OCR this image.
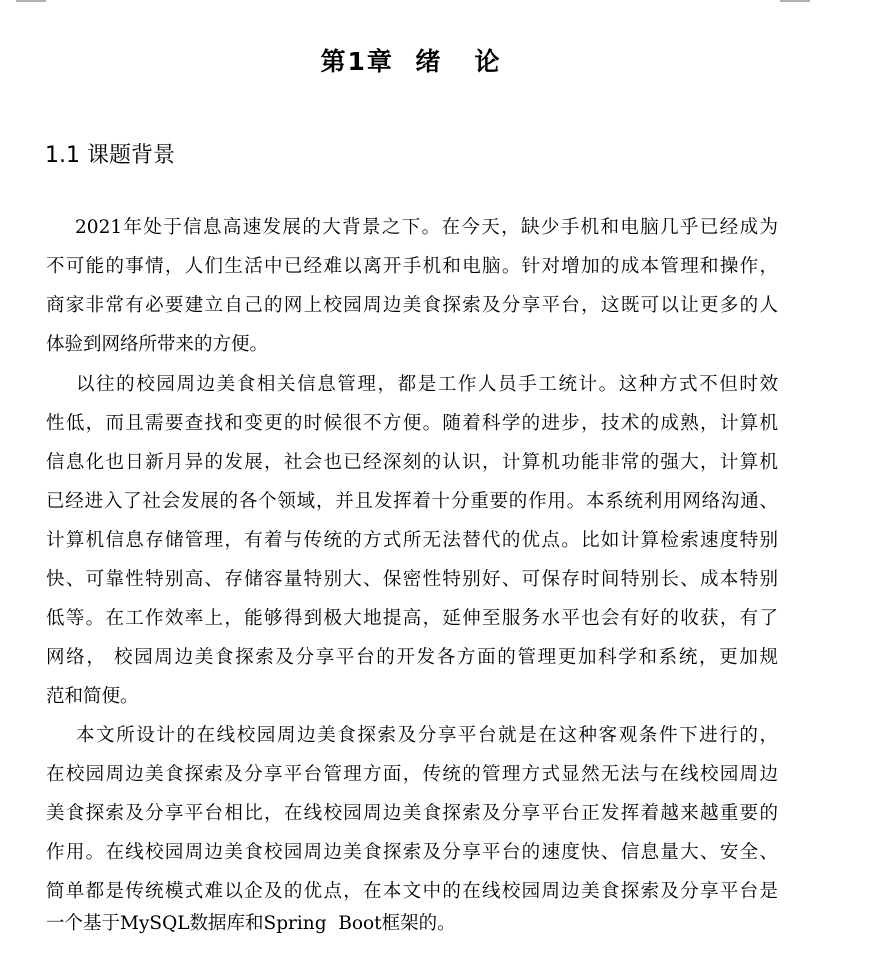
第1章  绪   论
1.1 课题背景
2021年处于信息高速发展的大背景之下。在今天，缺少手机和电脑几乎已经成为
不可能的事情，人们生活中已经难以离开手机和电脑。针对增加的成本管理和操作，
商家非常有必要建立自己的网上校园周边美食探索及分享平台，这既可以让更多的人
体验到网络所带来的方便。
以往的校园周边美食相关信息管理，都是工作人员手工统计。这种方式不但时效
性低，而且需要查找和变更的时候很不方便。随着科学的进步，技术的成熟，计算机
信息化也日新月异的发展，社会也已经深刻的认识，计算机功能非常的强大，计算机
已经进入了社会发展的各个领域，并且发挥着十分重要的作用。本系统利用网络沟通、
计算机信息存储管理，有着与传统的方式所无法替代的优点。比如计算检索速度特别
快、可靠性特别高、存储容量特别大、保密性特别好、可保存时间特别长、成本特别
低等。在工作效率上，能够得到极大地提高，延伸至服务水平也会有好的收获，有了
网络， 校园周边美食探索及分享平台的开发各方面的管理更加科学和系统，更加规
范和简便。
本文所设计的在线校园周边美食探索及分享平台就是在这种客观条件下进行的，
在校园周边美食探索及分享平台管理方面，传统的管理方式显然无法与在线校园周边
美食探索及分享平台相比，在线校园周边美食探索及分享平台正发挥着越来越重要的
作用。在线校园周边美食校园周边美食探索及分享平台的速度快、信息量大、安全、
简单都是传统模式难以企及的优点，在本文中的在线校园周边美食探索及分享平台是
一个基于MySQL数据库和Spring  Boot框架的。
